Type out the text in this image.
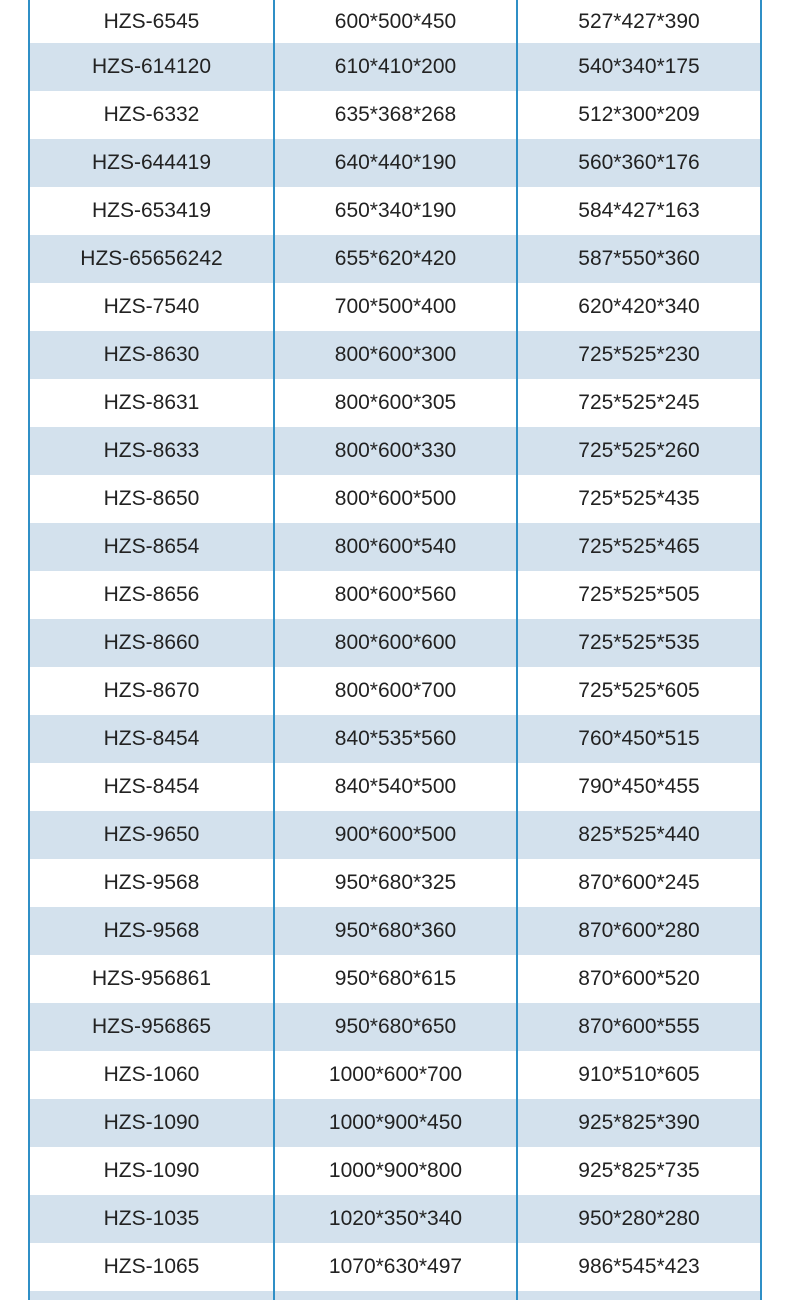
HZS-6545	600*500*450	527*427*390
HZS-614120	610*410*200	540*340*175
HZS-6332	635*368*268	512*300*209
HZS-644419	640*440*190	560*360*176
HZS-653419	650*340*190	584*427*163
HZS-65656242	655*620*420	587*550*360
HZS-7540	700*500*400	620*420*340
HZS-8630	800*600*300	725*525*230
HZS-8631	800*600*305	725*525*245
HZS-8633	800*600*330	725*525*260
HZS-8650	800*600*500	725*525*435
HZS-8654	800*600*540	725*525*465
HZS-8656	800*600*560	725*525*505
HZS-8660	800*600*600	725*525*535
HZS-8670	800*600*700	725*525*605
HZS-8454	840*535*560	760*450*515
HZS-8454	840*540*500	790*450*455
HZS-9650	900*600*500	825*525*440
HZS-9568	950*680*325	870*600*245
HZS-9568	950*680*360	870*600*280
HZS-956861	950*680*615	870*600*520
HZS-956865	950*680*650	870*600*555
HZS-1060	1000*600*700	910*510*605
HZS-1090	1000*900*450	925*825*390
HZS-1090	1000*900*800	925*825*735
HZS-1035	1020*350*340	950*280*280
HZS-1065	1070*630*497	986*545*423
